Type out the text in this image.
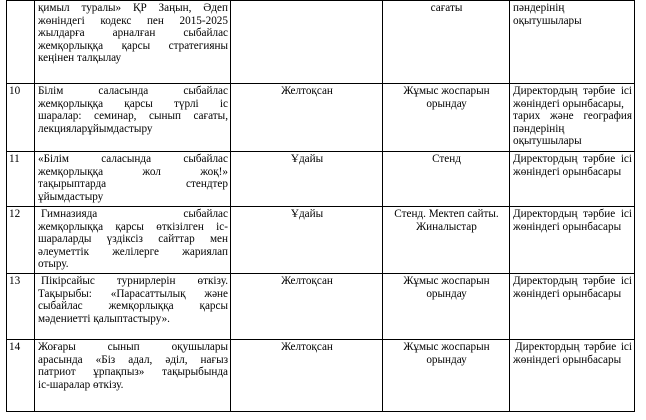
	қимыл туралы» ҚР Заңын, Әдеп
жөніндегі кодекс пен 2015-2025
жылдарға арналған сыбайлас
жемқорлыққа қарсы стратегияны
кеңінен талқылау		сағаты	пәндерінің
оқытушылары

10	Білім саласында сыбайлас
жемқорлыққа қарсы түрлі іс
шаралар: семинар, сынып сағаты,
лекцияларұйымдастыру	Желтоқсан	Жұмыс жоспарын
орындау	Директордың тәрбие ісі
жөніндегі орынбасары,
тарих және география
пәндерінің
оқытушылары

11	«Білім саласында сыбайлас
жемқорлыққа жол жоқ!»
тақырыптарда стендтер
ұйымдастыру	Ұдайы	Стенд	Директордың тәрбие ісі
жөніндегі орынбасары

12	Гимназияда сыбайлас
жемқорлыққа қарсы өткізілген іс-
шараларды үздіксіз сайттар мен
әлеуметтік желілерге жариялап
отыру.	Ұдайы	Стенд. Мектеп сайты.
Жиналыстар	Директордың тәрбие ісі
жөніндегі орынбасары

13	Пікірсайыс турнирлерін өткізу.
Тақырыбы: «Парасаттылық және
сыбайлас жемқорлыққа қарсы
мәдениетті қалыптастыру».	Желтоқсан	Жұмыс жоспарын
орындау	Директордың тәрбие ісі
жөніндегі орынбасары

14	Жоғары сынып оқушылары
арасында «Біз адал, әділ, нағыз
патриот ұрпақпыз» тақырыбында
іс-шаралар өткізу.	Желтоқсан	Жұмыс жоспарын
орындау	Директордың тәрбие ісі
жөніндегі орынбасары
